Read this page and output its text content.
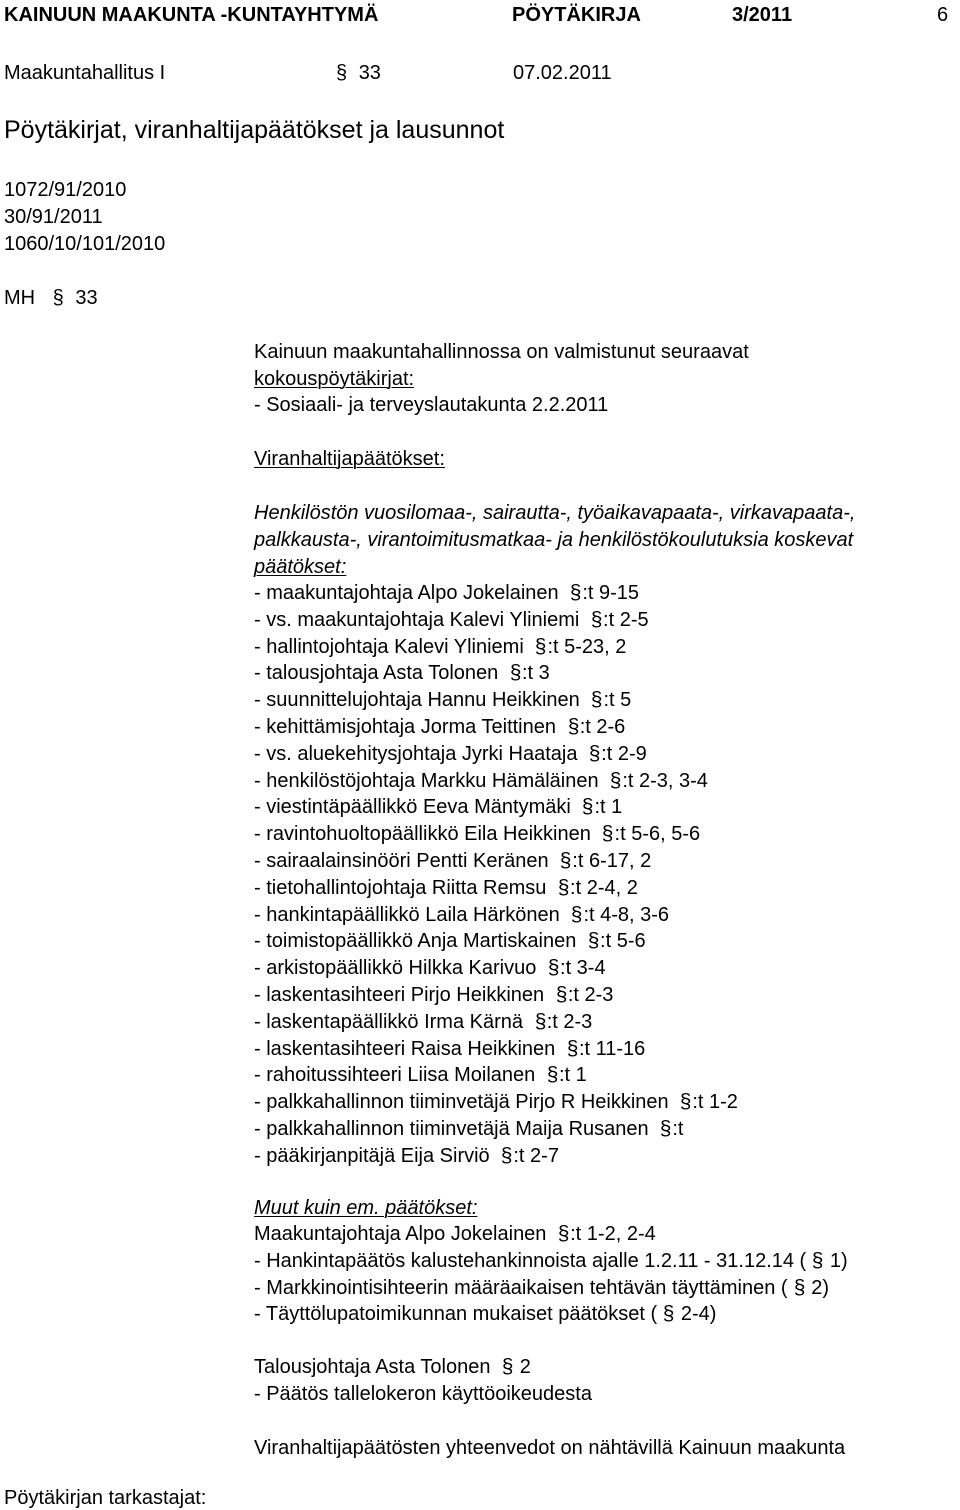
KAINUUN MAAKUNTA -KUNTAYHTYMÄ	PÖYTÄKIRJA	3/2011	6
Maakuntahallitus I	§ 33	07.02.2011
Pöytäkirjat, viranhaltijapäätökset ja lausunnot
1072/91/2010
30/91/2011
1060/10/101/2010
MH § 33
Kainuun maakuntahallinnossa on valmistunut seuraavat
kokouspöytäkirjat:
- Sosiaali- ja terveyslautakunta 2.2.2011
Viranhaltijapäätökset:
Henkilöstön vuosilomaa-, sairautta-, työaikavapaata-, virkavapaata-,
palkkausta-, virantoimitusmatkaa- ja henkilöstökoulutuksia koskevat
päätökset:
- maakuntajohtaja Alpo Jokelainen §:t 9-15
- vs. maakuntajohtaja Kalevi Yliniemi §:t 2-5
- hallintojohtaja Kalevi Yliniemi §:t 5-23, 2
- talousjohtaja Asta Tolonen §:t 3
- suunnittelujohtaja Hannu Heikkinen §:t 5
- kehittämisjohtaja Jorma Teittinen §:t 2-6
- vs. aluekehitysjohtaja Jyrki Haataja §:t 2-9
- henkilöstöjohtaja Markku Hämäläinen §:t 2-3, 3-4
- viestintäpäällikkö Eeva Mäntymäki §:t 1
- ravintohuoltopäällikkö Eila Heikkinen §:t 5-6, 5-6
- sairaalainsinööri Pentti Keränen §:t 6-17, 2
- tietohallintojohtaja Riitta Remsu §:t 2-4, 2
- hankintapäällikkö Laila Härkönen §:t 4-8, 3-6
- toimistopäällikkö Anja Martiskainen §:t 5-6
- arkistopäällikkö Hilkka Karivuo §:t 3-4
- laskentasihteeri Pirjo Heikkinen §:t 2-3
- laskentapäällikkö Irma Kärnä §:t 2-3
- laskentasihteeri Raisa Heikkinen §:t 11-16
- rahoitussihteeri Liisa Moilanen §:t 1
- palkkahallinnon tiiminvetäjä Pirjo R Heikkinen §:t 1-2
- palkkahallinnon tiiminvetäjä Maija Rusanen §:t
- pääkirjanpitäjä Eija Sirviö §:t 2-7
Muut kuin em. päätökset:
Maakuntajohtaja Alpo Jokelainen §:t 1-2, 2-4
- Hankintapäätös kalustehankinnoista ajalle 1.2.11 - 31.12.14 ( § 1)
- Markkinointisihteerin määräaikaisen tehtävän täyttäminen ( § 2)
- Täyttölupatoimikunnan mukaiset päätökset ( § 2-4)
Talousjohtaja Asta Tolonen § 2
- Päätös tallelokeron käyttöoikeudesta
Viranhaltijapäätösten yhteenvedot on nähtävillä Kainuun maakunta
Pöytäkirjan tarkastajat:
